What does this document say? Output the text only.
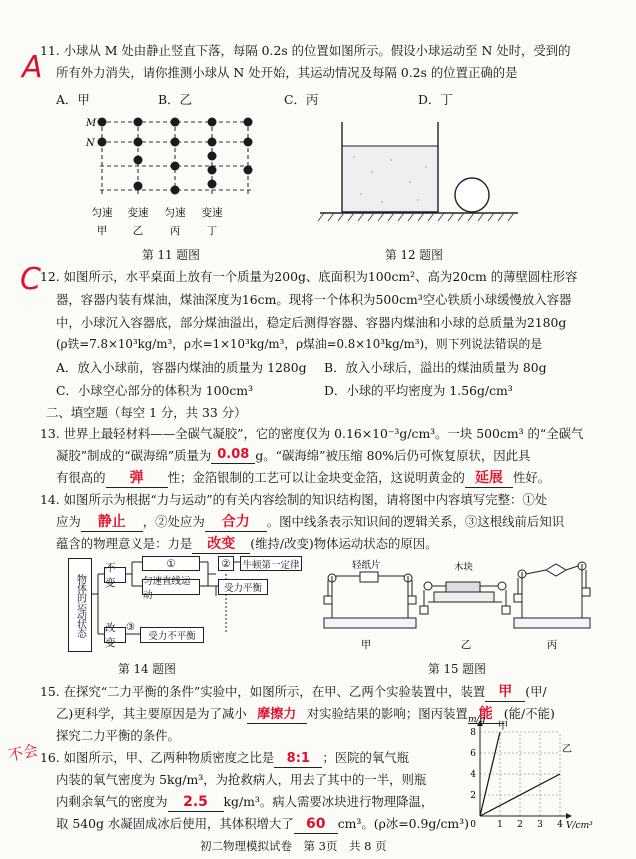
A
11. 小球从 M 处由静止竖直下落，每隔 0.2s 的位置如图所示。假设小球运动至 N 处时，受到的
所有外力消失，请你推测小球从 N 处开始，其运动情况及每隔 0.2s 的位置正确的是
A．甲	B．乙	C．丙	D．丁
M
N
匀速 变速 匀速 变速
甲 乙	丙	丁
第 11 题图	第 12 题图
C 12. 如图所示，水平桌面上放有一个质量为200g、底面积为100cm²、高为20cm 的薄壁圆柱形容
器，容器内装有煤油，煤油深度为16cm。现将一个体积为500cm³空心铁质小球缓慢放入容器
中，小球沉入容器底，部分煤油溢出，稳定后测得容器、容器内煤油和小球的总质量为2180g
(ρ铁=7.8×10³kg/m³，ρ水=1×10³kg/m³，ρ煤油=0.8×10³kg/m³)，则下列说法错误的是
A．放入小球前，容器内煤油的质量为 1280g B．放入小球后，溢出的煤油质量为 80g
C．小球空心部分的体积为 100cm³	D．小球的平均密度为 1.56g/cm³
二、填空题（每空 1 分，共 33 分）
13. 世界上最轻材料——全碳气凝胶”，它的密度仅为 0.16×10⁻³g/cm³。一块 500cm³ 的“全碳气
凝胶”制成的“碳海绵”质量为 0.08 g。“碳海绵”被压缩 80%后仍可恢复原状，因此具
有很高的 弹 性；金箔银制的工艺可以让金块变金箔，这说明黄金的 延展 性好。
14. 如图所示为根据“力与运动”的有关内容绘制的知识结构图，请将图中内容填写完整：①处
应为 静止 ，②处应为 合力 。图中线条表示知识间的逻辑关系，③这根线前后知识
蕴含的物理意义是：力是 改变 (维持/改变)物体运动状态的原因。
物体的运动状态
不变
改变
①
匀速直线运动
②	牛顿第一定律
受力平衡
③
受力不平衡
第 14 题图
轻纸片
甲
木块
乙	丙
第 15 题图
15. 在探究“二力平衡的条件”实验中，如图所示，在甲、乙两个实验装置中，装置 甲 (甲/
乙)更科学，其主要原因是为了减小 摩擦力 对实验结果的影响；图丙装置 能 (能/不能)
探究二力平衡的条件。
不会 16. 如图所示，甲、乙两种物质密度之比是 8:1 ；医院的氧气瓶
内装的氧气密度为 5kg/m³，为抢救病人，用去了其中的一半，则瓶
内剩余氧气的密度为 2.5 kg/m³。病人需要冰块进行物理降温，
取 540g 水凝固成冰后使用，其体积增大了 60 cm³。(ρ冰=0.9g/cm³)	1 2 3 4
2
4
6
8
0
m/g
V/cm³
甲
乙
初二物理模拟试卷　第 3页　共 8 页
